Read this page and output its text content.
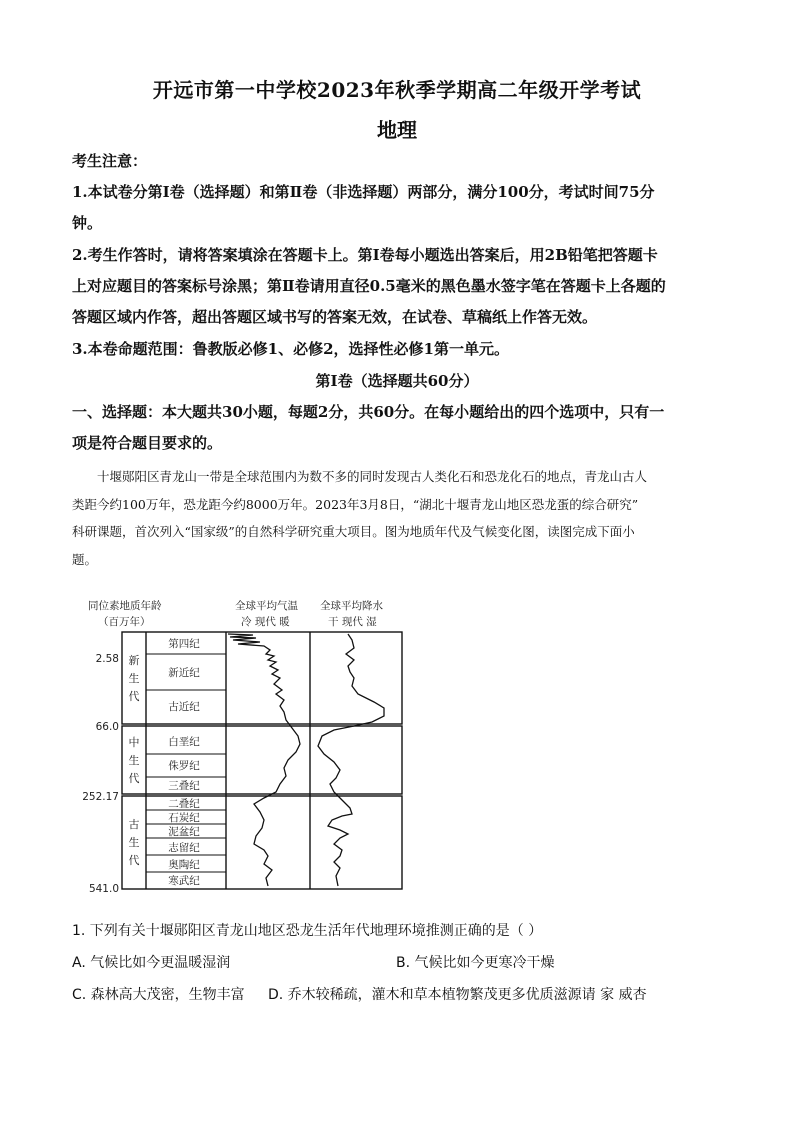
开远市第一中学校2023年秋季学期高二年级开学考试
地理
考生注意：
1.本试卷分第Ⅰ卷（选择题）和第Ⅱ卷（非选择题）两部分，满分100分，考试时间75分
钟。
2.考生作答时，请将答案填涂在答题卡上。第Ⅰ卷每小题选出答案后，用2B铅笔把答题卡
上对应题目的答案标号涂黑；第Ⅱ卷请用直径0.5毫米的黑色墨水签字笔在答题卡上各题的
答题区域内作答，超出答题区域书写的答案无效，在试卷、草稿纸上作答无效。
3.本卷命题范围：鲁教版必修1、必修2，选择性必修1第一单元。
第Ⅰ卷（选择题共60分）
一、选择题：本大题共30小题，每题2分，共60分。在每小题给出的四个选项中，只有一
项是符合题目要求的。

十堰郧阳区青龙山一带是全球范围内为数不多的同时发现古人类化石和恐龙化石的地点，青龙山古人

类距今约100万年，恐龙距今约8000万年。2023年3月8日，“湖北十堰青龙山地区恐龙蛋的综合研究”
科研课题，首次列入“国家级”的自然科学研究重大项目。图为地质年代及气候变化图，读图完成下面小
题。
同位素地质年龄
（百万年）
全球平均气温
冷 现代 暖
全球平均降水
干 现代 湿
2.58
66.0
252.17
541.0
新
生
代
中
生
代
古
生
代
第四纪
新近纪
古近纪
白垩纪
侏罗纪
三叠纪
二叠纪
石炭纪
泥盆纪
志留纪
奥陶纪
寒武纪
1. 下列有关十堰郧阳区青龙山地区恐龙生活年代地理环境推测正确的是（ ）
A. 气候比如今更温暖湿润	B. 气候比如今更寒冷干燥
C. 森林高大茂密，生物丰富 D. 乔木较稀疏，灌木和草本植物繁茂更多优质滋源请 家 威杏
